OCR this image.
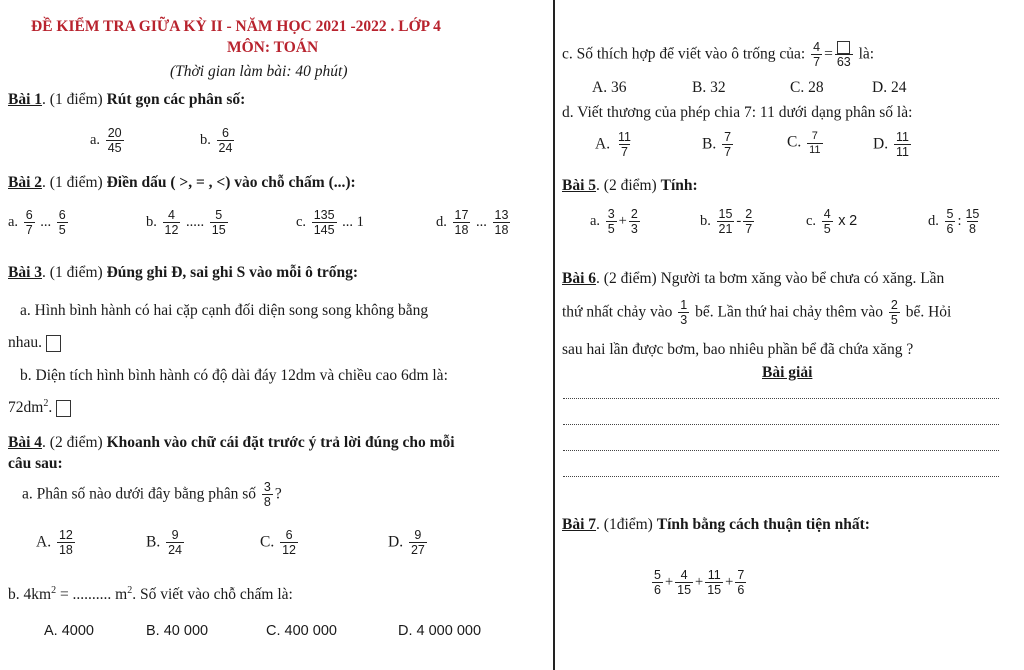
ĐỀ KIỂM TRA GIỮA KỲ II - NĂM HỌC 2021 -2022 . LỚP 4
MÔN: TOÁN
(Thời gian làm bài: 40 phút)
Bài 1. (1 điểm) Rút gọn các phân số:
a. $\frac{20}{45}$	b. $\frac{6}{24}$
Bài 2. (1 điểm) Điền dấu ( >, = , <) vào chỗ chấm (...):
a. $\frac{6}{7}$ ... $\frac{6}{5}$	b. $\frac{4}{12}$ ..... $\frac{5}{15}$	c. $\frac{135}{145}$ ... 1	d. $\frac{17}{18}$ ... $\frac{13}{18}$
Bài 3. (1 điểm) Đúng ghi Đ, sai ghi S vào mỗi ô trống:
a. Hình bình hành có hai cặp cạnh đối diện song song không bằng
nhau.
b. Diện tích hình bình hành có độ dài đáy 12dm và chiều cao 6dm là:
$72dm^2$.
Bài 4. (2 điểm) Khoanh vào chữ cái đặt trước ý trả lời đúng cho mỗi
câu sau:
a. Phân số nào dưới đây bằng phân số $\frac{3}{8}$ ?
A. $\frac{12}{18}$	B. $\frac{9}{24}$	C. $\frac{6}{12}$	D. $\frac{9}{27}$
b. $4km^2$ = .......... $m^2$. Số viết vào chỗ chấm là:
A. 4000	B. 40 000	C. 400 000	D. 4 000 000
c. Số thích hợp để viết vào ô trống của: $\frac{4}{7} = 63$ là:
A. 36	B. 32	C. 28	D. 24
d. Viết thương của phép chia 7: 11 dưới dạng phân số là:
A. $\frac{11}{7}$	B. $\frac{7}{7}$	C. $\frac{7}{11}$	D. $\frac{11}{11}$
Bài 5. (2 điểm) Tính:
a. $\frac{3}{5} + \frac{2}{3}$	b. $\frac{15}{21} - \frac{2}{7}$	c. $\frac{4}{5}$ x 2	d. $\frac{5}{6}$ : $\frac{15}{8}$
Bài 6. (2 điểm) Người ta bơm xăng vào bể chưa có xăng. Lần
thứ nhất chảy vào $\frac{1}{3}$ bể. Lần thứ hai chảy thêm vào $\frac{2}{5}$ bể. Hỏi
sau hai lần được bơm, bao nhiêu phần bể đã chứa xăng ?
Bài giải
Bài 7. (1điểm) Tính bằng cách thuận tiện nhất:
$\frac{5}{6} + \frac{4}{15} + \frac{11}{15} + \frac{7}{6}$
